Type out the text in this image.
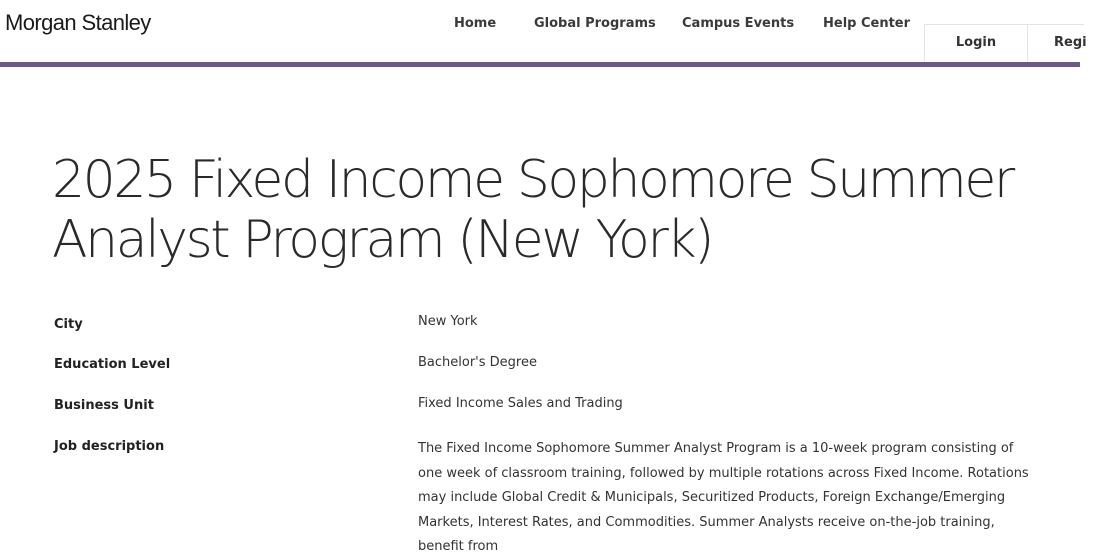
Morgan Stanley	Home	Global Programs Campus Events Help Center
Login	Regi
2025 Fixed Income Sophomore Summer Analyst Program (New York)
City	New York
Education Level	Bachelor's Degree
Business Unit	Fixed Income Sales and Trading
Job description	The Fixed Income Sophomore Summer Analyst Program is a 10-week program consisting of one week of classroom training, followed by multiple rotations across Fixed Income. Rotations may include Global Credit & Municipals, Securitized Products, Foreign Exchange/Emerging Markets, Interest Rates, and Commodities. Summer Analysts receive on-the-job training, benefit from
